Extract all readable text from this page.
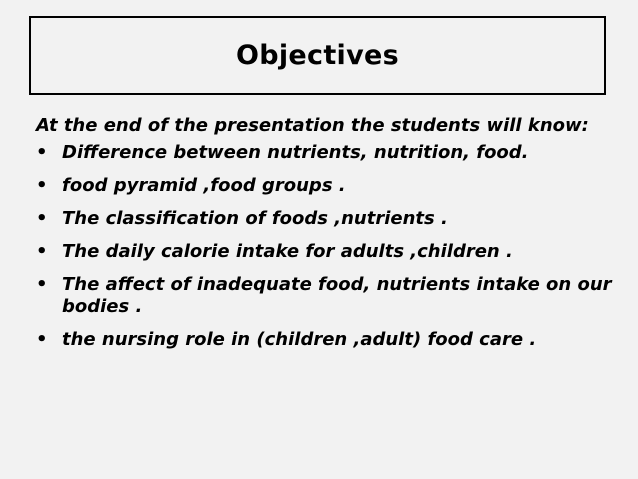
Objectives

At the end of the presentation the students will know:

• Difference between nutrients, nutrition, food.
• food pyramid ,food groups .
• The classification of foods ,nutrients .
• The daily calorie intake for adults ,children .
• The affect of inadequate food, nutrients intake on our bodies .
• the nursing role in (children ,adult) food care .
